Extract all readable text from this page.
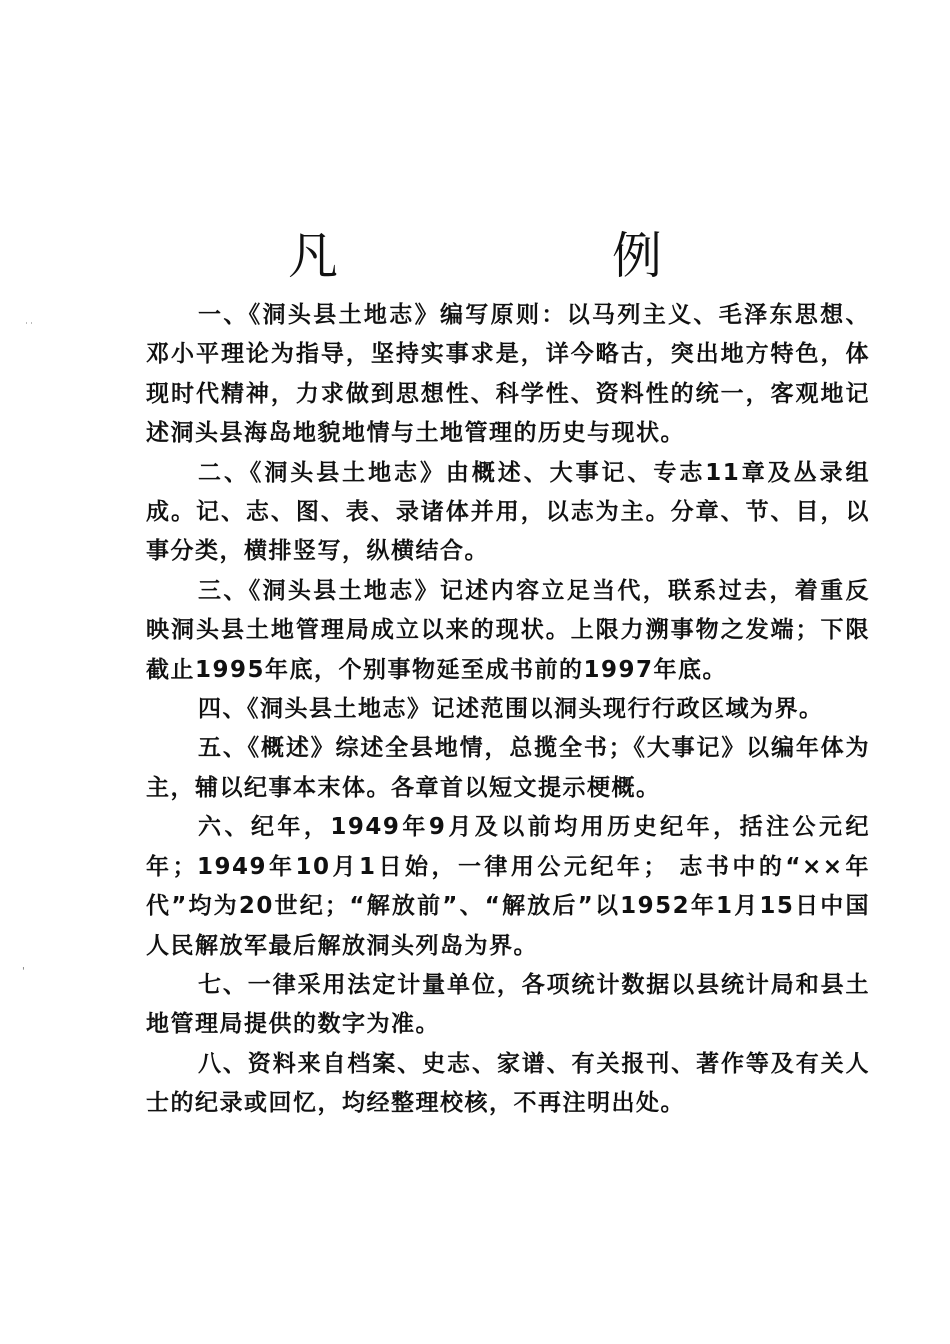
˙˙
'
凡　例

一、《洞头县土地志》编写原则：以马列主义、毛泽东思想、邓小平理论为指导，坚持实事求是，详今略古，突出地方特色，体现时代精神，力求做到思想性、科学性、资料性的统一，客观地记述洞头县海岛地貌地情与土地管理的历史与现状。

二、《洞头县土地志》由概述、大事记、专志11章及丛录组成。记、志、图、表、录诸体并用，以志为主。分章、节、目，以事分类，横排竖写，纵横结合。

三、《洞头县土地志》记述内容立足当代，联系过去，着重反映洞头县土地管理局成立以来的现状。上限力溯事物之发端；下限截止1995年底，个别事物延至成书前的1997年底。

四、《洞头县土地志》记述范围以洞头现行行政区域为界。

五、《概述》综述全县地情，总揽全书；《大事记》以编年体为主，辅以纪事本末体。各章首以短文提示梗概。

六、纪年，1949年9月及以前均用历史纪年，括注公元纪年；1949年10月1日始，一律用公元纪年； 志书中的“××年代”均为20世纪；“解放前”、“解放后”以1952年1月15日中国人民解放军最后解放洞头列岛为界。

七、一律采用法定计量单位，各项统计数据以县统计局和县土地管理局提供的数字为准。

八、资料来自档案、史志、家谱、有关报刊、著作等及有关人士的纪录或回忆，均经整理校核，不再注明出处。
